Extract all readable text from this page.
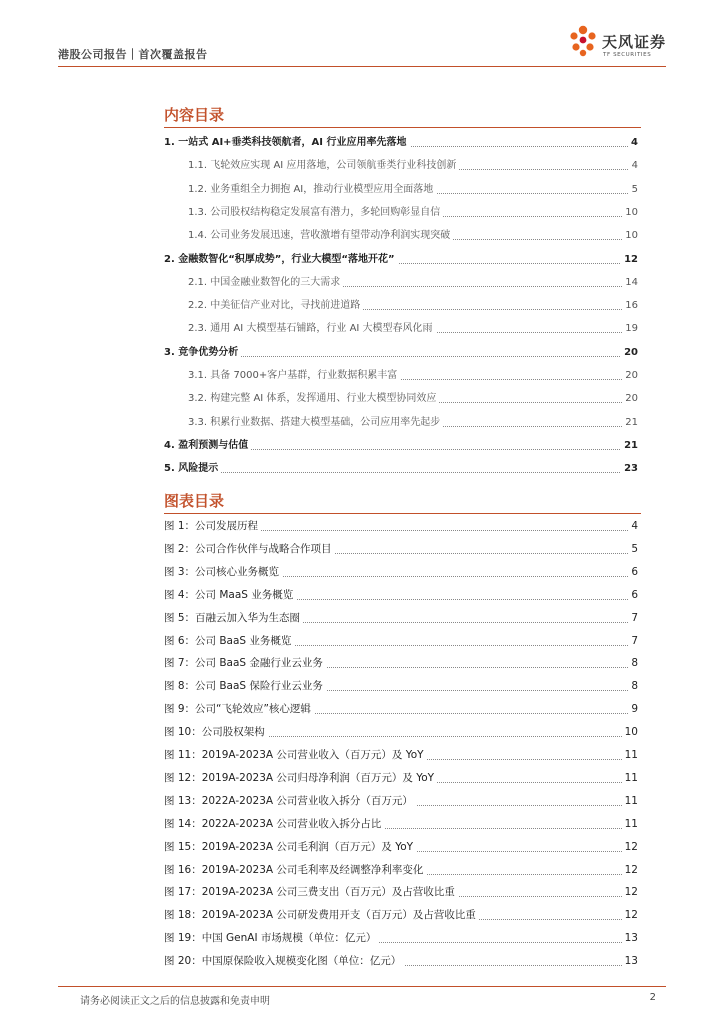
港股公司报告｜首次覆盖报告
天风证券
TF SECURITIES
内容目录
1. 一站式 AI+垂类科技领航者，AI 行业应用率先落地	4
1.1. 飞轮效应实现 AI 应用落地，公司领航垂类行业科技创新	4
1.2. 业务重组全力拥抱 AI，推动行业模型应用全面落地	5
1.3. 公司股权结构稳定发展富有潜力，多轮回购彰显自信	10
1.4. 公司业务发展迅速，营收激增有望带动净利润实现突破	10
2. 金融数智化“积厚成势”，行业大模型“落地开花”	12
2.1. 中国金融业数智化的三大需求	14
2.2. 中美征信产业对比，寻找前进道路	16
2.3. 通用 AI 大模型基石铺路，行业 AI 大模型春风化雨	19
3. 竞争优势分析	20
3.1. 具备 7000+客户基群，行业数据积累丰富	20
3.2. 构建完整 AI 体系，发挥通用、行业大模型协同效应	20
3.3. 积累行业数据、搭建大模型基础，公司应用率先起步	21
4. 盈利预测与估值	21
5. 风险提示	23
图表目录
图 1：公司发展历程	4
图 2：公司合作伙伴与战略合作项目	5
图 3：公司核心业务概览	6
图 4：公司 MaaS 业务概览	6
图 5：百融云加入华为生态圈	7
图 6：公司 BaaS 业务概览	7
图 7：公司 BaaS 金融行业云业务	8
图 8：公司 BaaS 保险行业云业务	8
图 9：公司“飞轮效应”核心逻辑	9
图 10：公司股权架构	10
图 11：2019A-2023A 公司营业收入（百万元）及 YoY	11
图 12：2019A-2023A 公司归母净利润（百万元）及 YoY	11
图 13：2022A-2023A 公司营业收入拆分（百万元）	11
图 14：2022A-2023A 公司营业收入拆分占比	11
图 15：2019A-2023A 公司毛利润（百万元）及 YoY	12
图 16：2019A-2023A 公司毛利率及经调整净利率变化	12
图 17：2019A-2023A 公司三费支出（百万元）及占营收比重	12
图 18：2019A-2023A 公司研发费用开支（百万元）及占营收比重	12
图 19：中国 GenAI 市场规模（单位：亿元）	13
图 20：中国原保险收入规模变化图（单位：亿元）	13
请务必阅读正文之后的信息披露和免责申明	2
